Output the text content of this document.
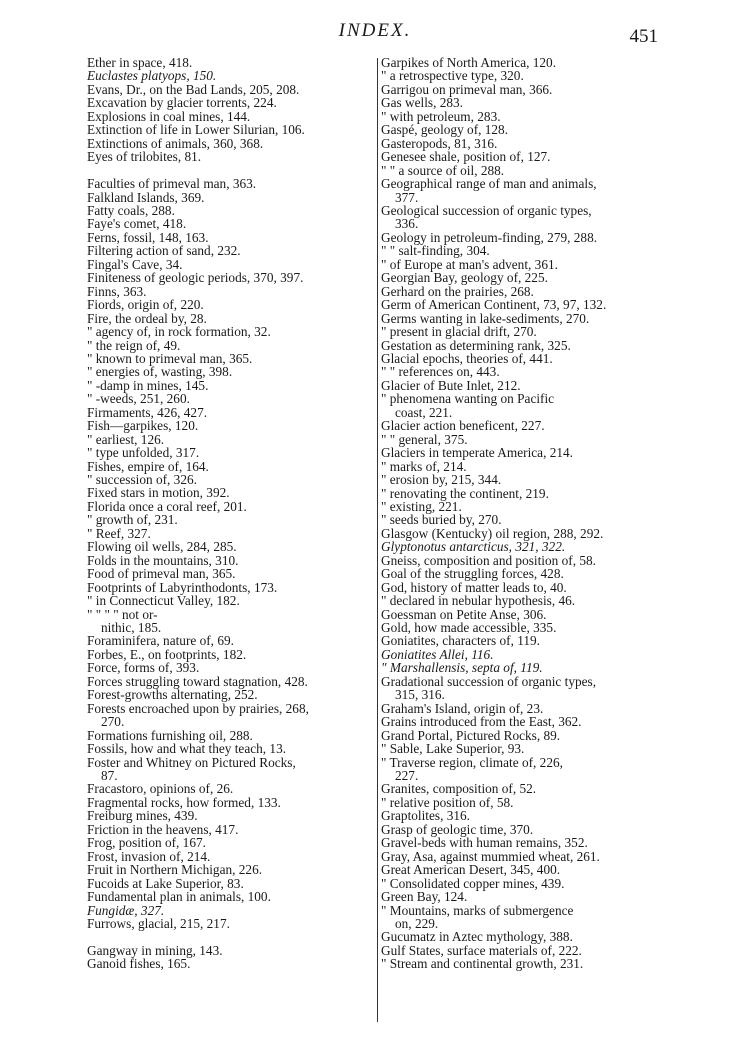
INDEX.	451
Ether in space, 418.
Euclastes platyops, 150.
Evans, Dr., on the Bad Lands, 205, 208.
Excavation by glacier torrents, 224.
Explosions in coal mines, 144.
Extinction of life in Lower Silurian, 106.
Extinctions of animals, 360, 368.
Eyes of trilobites, 81.
Faculties of primeval man, 363.
Falkland Islands, 369.
Fatty coals, 288.
Faye's comet, 418.
Ferns, fossil, 148, 163.
Filtering action of sand, 232.
Fingal's Cave, 34.
Finiteness of geologic periods, 370, 397.
Finns, 363.
Fiords, origin of, 220.
Fire, the ordeal by, 28.
" agency of, in rock formation, 32.
" the reign of, 49.
" known to primeval man, 365.
" energies of, wasting, 398.
" -damp in mines, 145.
" -weeds, 251, 260.
Firmaments, 426, 427.
Fish—garpikes, 120.
" earliest, 126.
" type unfolded, 317.
Fishes, empire of, 164.
" succession of, 326.
Fixed stars in motion, 392.
Florida once a coral reef, 201.
" growth of, 231.
" Reef, 327.
Flowing oil wells, 284, 285.
Folds in the mountains, 310.
Food of primeval man, 365.
Footprints of Labyrinthodonts, 173.
" in Connecticut Valley, 182.
" " " " not or-
nithic, 185.
Foraminifera, nature of, 69.
Forbes, E., on footprints, 182.
Force, forms of, 393.
Forces struggling toward stagnation, 428.
Forest-growths alternating, 252.
Forests encroached upon by prairies, 268,
270.
Formations furnishing oil, 288.
Fossils, how and what they teach, 13.
Foster and Whitney on Pictured Rocks,
87.
Fracastoro, opinions of, 26.
Fragmental rocks, how formed, 133.
Freiburg mines, 439.
Friction in the heavens, 417.
Frog, position of, 167.
Frost, invasion of, 214.
Fruit in Northern Michigan, 226.
Fucoids at Lake Superior, 83.
Fundamental plan in animals, 100.
Fungidæ, 327.
Furrows, glacial, 215, 217.
Gangway in mining, 143.
Ganoid fishes, 165.
Garpikes of North America, 120.
" a retrospective type, 320.
Garrigou on primeval man, 366.
Gas wells, 283.
" with petroleum, 283.
Gaspé, geology of, 128.
Gasteropods, 81, 316.
Genesee shale, position of, 127.
" " a source of oil, 288.
Geographical range of man and animals,
377.
Geological succession of organic types,
336.
Geology in petroleum-finding, 279, 288.
" " salt-finding, 304.
" of Europe at man's advent, 361.
Georgian Bay, geology of, 225.
Gerhard on the prairies, 268.
Germ of American Continent, 73, 97, 132.
Germs wanting in lake-sediments, 270.
" present in glacial drift, 270.
Gestation as determining rank, 325.
Glacial epochs, theories of, 441.
" " references on, 443.
Glacier of Bute Inlet, 212.
" phenomena wanting on Pacific
coast, 221.
Glacier action beneficent, 227.
" " general, 375.
Glaciers in temperate America, 214.
" marks of, 214.
" erosion by, 215, 344.
" renovating the continent, 219.
" existing, 221.
" seeds buried by, 270.
Glasgow (Kentucky) oil region, 288, 292.
Glyptonotus antarcticus, 321, 322.
Gneiss, composition and position of, 58.
Goal of the struggling forces, 428.
God, history of matter leads to, 40.
" declared in nebular hypothesis, 46.
Goessman on Petite Anse, 306.
Gold, how made accessible, 335.
Goniatites, characters of, 119.
Goniatites Allei, 116.
" Marshallensis, septa of, 119.
Gradational succession of organic types,
315, 316.
Graham's Island, origin of, 23.
Grains introduced from the East, 362.
Grand Portal, Pictured Rocks, 89.
" Sable, Lake Superior, 93.
" Traverse region, climate of, 226,
227.
Granites, composition of, 52.
" relative position of, 58.
Graptolites, 316.
Grasp of geologic time, 370.
Gravel-beds with human remains, 352.
Gray, Asa, against mummied wheat, 261.
Great American Desert, 345, 400.
" Consolidated copper mines, 439.
Green Bay, 124.
" Mountains, marks of submergence
on, 229.
Gucumatz in Aztec mythology, 388.
Gulf States, surface materials of, 222.
" Stream and continental growth, 231.
